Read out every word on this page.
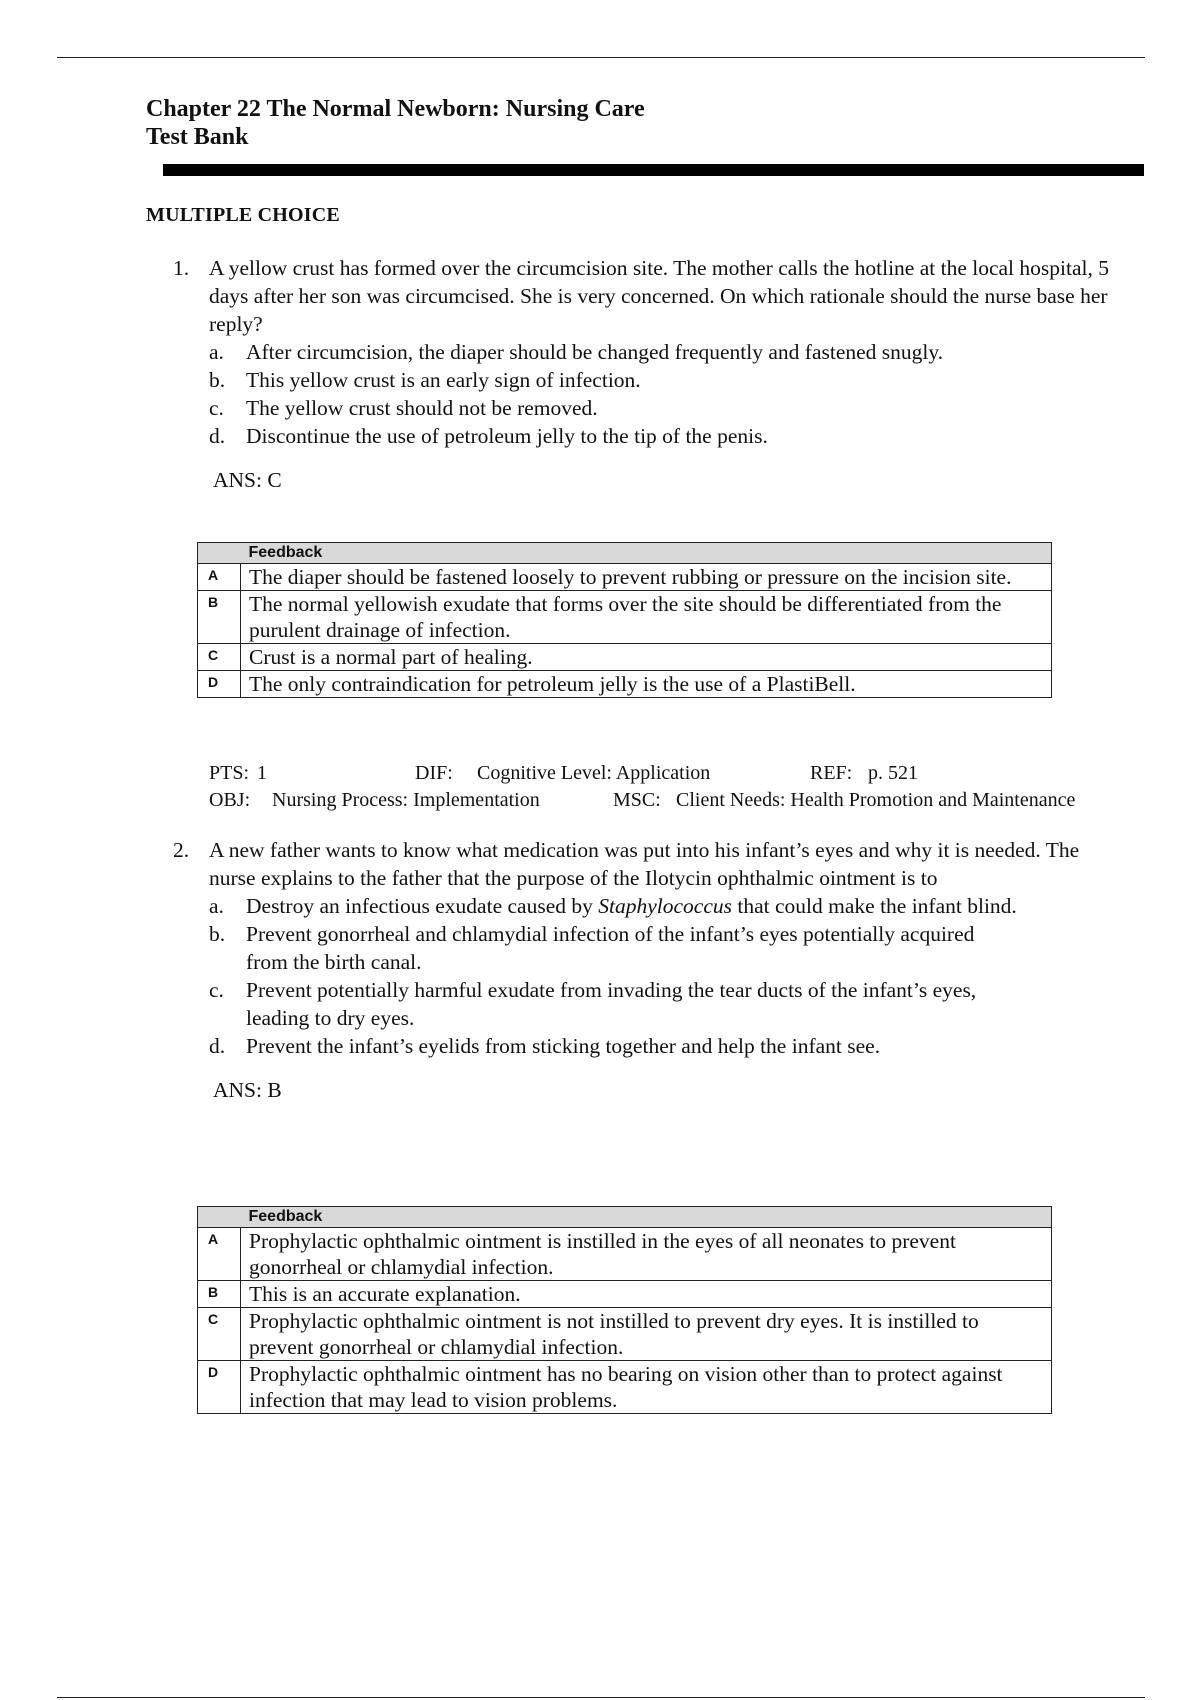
Chapter 22 The Normal Newborn: Nursing Care
Test Bank
MULTIPLE CHOICE
1. A yellow crust has formed over the circumcision site. The mother calls the hotline at the local hospital, 5 days after her son was circumcised. She is very concerned. On which rationale should the nurse base her reply?
a.	After circumcision, the diaper should be changed frequently and fastened snugly.
b. This yellow crust is an early sign of infection.
c.	The yellow crust should not be removed.
d. Discontinue the use of petroleum jelly to the tip of the penis.
ANS: C
	Feedback
A	The diaper should be fastened loosely to prevent rubbing or pressure on the incision site.
B	The normal yellowish exudate that forms over the site should be differentiated from the purulent drainage of infection.
C	Crust is a normal part of healing.
D	The only contraindication for petroleum jelly is the use of a PlastiBell.
PTS: 1	DIF:	Cognitive Level: Application	REF: p. 521
OBJ:	Nursing Process: Implementation	MSC: Client Needs: Health Promotion and Maintenance
2. A new father wants to know what medication was put into his infant’s eyes and why it is needed. The nurse explains to the father that the purpose of the Ilotycin ophthalmic ointment is to
a.	Destroy an infectious exudate caused by Staphylococcus that could make the infant blind.
b. Prevent gonorrheal and chlamydial infection of the infant’s eyes potentially acquired from the birth canal.
c.	Prevent potentially harmful exudate from invading the tear ducts of the infant’s eyes, leading to dry eyes.
d. Prevent the infant’s eyelids from sticking together and help the infant see.
ANS: B
	Feedback
A	Prophylactic ophthalmic ointment is instilled in the eyes of all neonates to prevent gonorrheal or chlamydial infection.
B	This is an accurate explanation.
C	Prophylactic ophthalmic ointment is not instilled to prevent dry eyes. It is instilled to prevent gonorrheal or chlamydial infection.
D	Prophylactic ophthalmic ointment has no bearing on vision other than to protect against infection that may lead to vision problems.
